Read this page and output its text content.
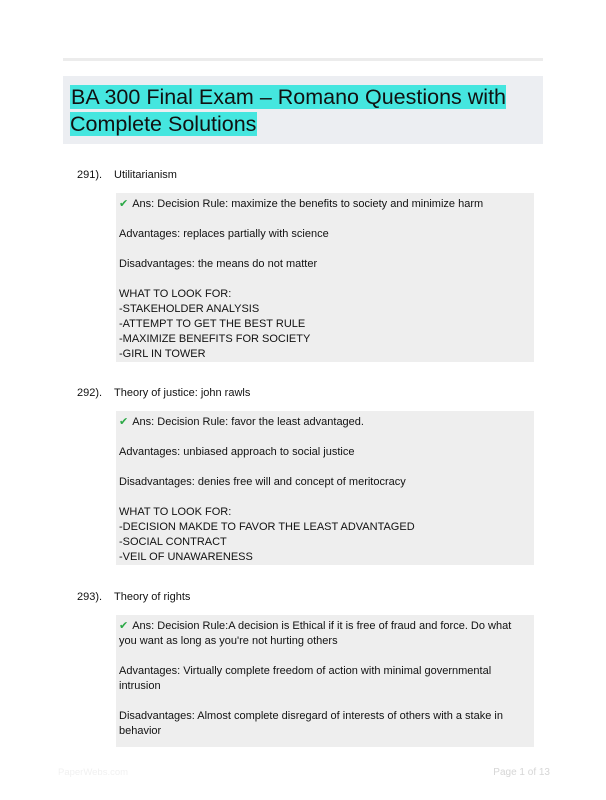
BA 300 Final Exam – Romano Questions with Complete Solutions
291). Utilitarianism

✔ Ans: Decision Rule: maximize the benefits to society and minimize harm

Advantages: replaces partially with science

Disadvantages: the means do not matter

WHAT TO LOOK FOR:

-STAKEHOLDER ANALYSIS

-ATTEMPT TO GET THE BEST RULE

-MAXIMIZE BENEFITS FOR SOCIETY

-GIRL IN TOWER

292). Theory of justice: john rawls

✔ Ans: Decision Rule: favor the least advantaged.

Advantages: unbiased approach to social justice

Disadvantages: denies free will and concept of meritocracy

WHAT TO LOOK FOR:

-DECISION MAKDE TO FAVOR THE LEAST ADVANTAGED

-SOCIAL CONTRACT

-VEIL OF UNAWARENESS

293). Theory of rights

✔ Ans: Decision Rule:A decision is Ethical if it is free of fraud and force. Do what you want as long as you're not hurting others

Advantages: Virtually complete freedom of action with minimal governmental intrusion

Disadvantages: Almost complete disregard of interests of others with a stake in behavior

PaperWebs.com	Page 1 of 13
